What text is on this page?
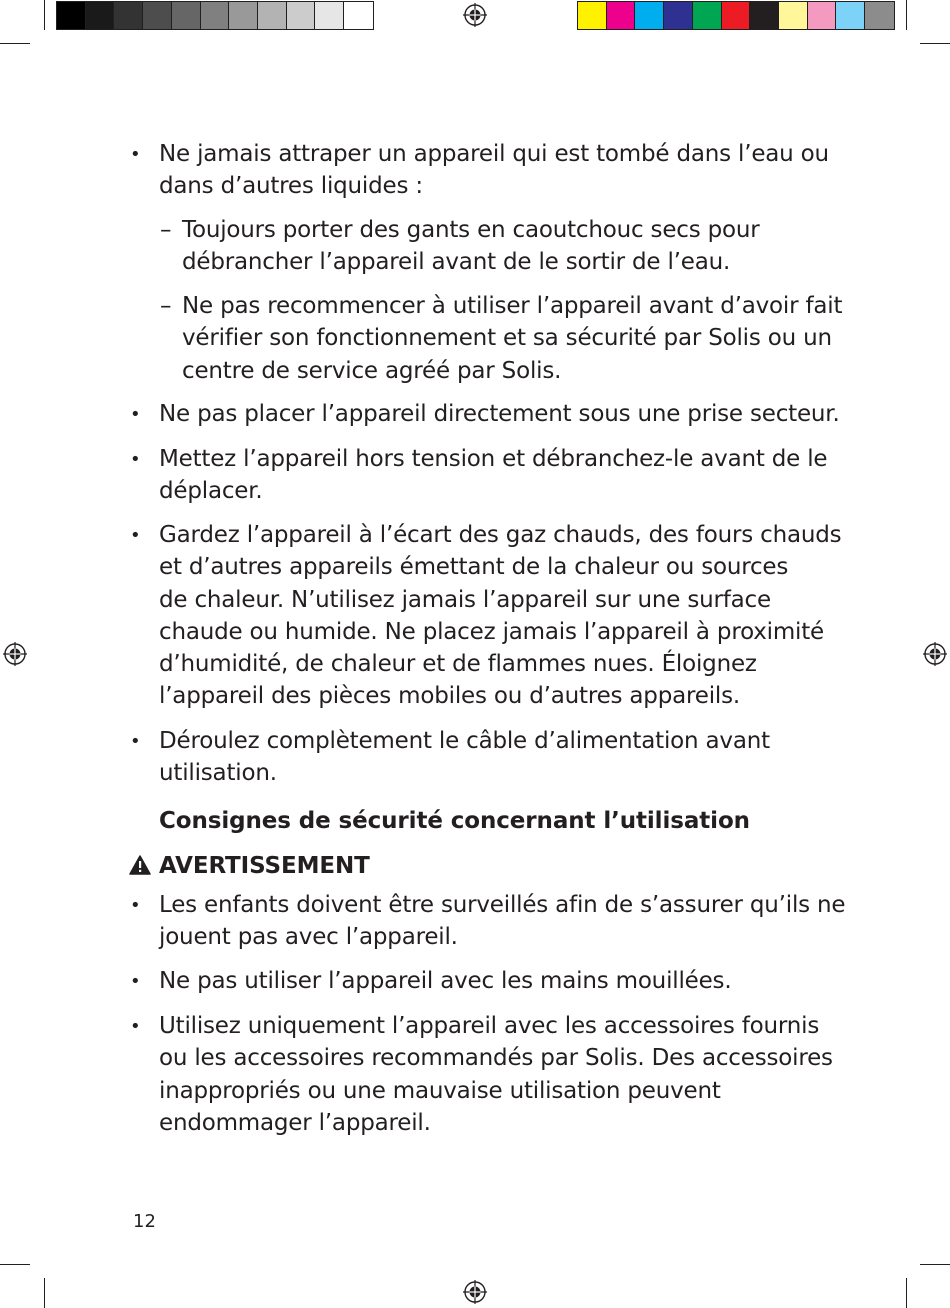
• Ne jamais attraper un appareil qui est tombé dans l’eau ou
dans d’autres liquides :
– Toujours porter des gants en caoutchouc secs pour
débrancher l’appareil avant de le sortir de l’eau.
– Ne pas recommencer à utiliser l’appareil avant d’avoir fait
vérifier son fonctionnement et sa sécurité par Solis ou un
centre de service agréé par Solis.
• Ne pas placer l’appareil directement sous une prise secteur.
• Mettez l’appareil hors tension et débranchez-le avant de le
déplacer.
• Gardez l’appareil à l’écart des gaz chauds, des fours chauds
et d’autres appareils émettant de la chaleur ou sources
de chaleur. N’utilisez jamais l’appareil sur une surface
chaude ou humide. Ne placez jamais l’appareil à proximité
d’humidité, de chaleur et de flammes nues. Éloignez
l’appareil des pièces mobiles ou d’autres appareils.
• Déroulez complètement le câble d’alimentation avant
utilisation.
Consignes de sécurité concernant l’utilisation
AVERTISSEMENT
• Les enfants doivent être surveillés afin de s’assurer qu’ils ne
jouent pas avec l’appareil.
• Ne pas utiliser l’appareil avec les mains mouillées.
• Utilisez uniquement l’appareil avec les accessoires fournis
ou les accessoires recommandés par Solis. Des accessoires
inappropriés ou une mauvaise utilisation peuvent
endommager l’appareil.
12
